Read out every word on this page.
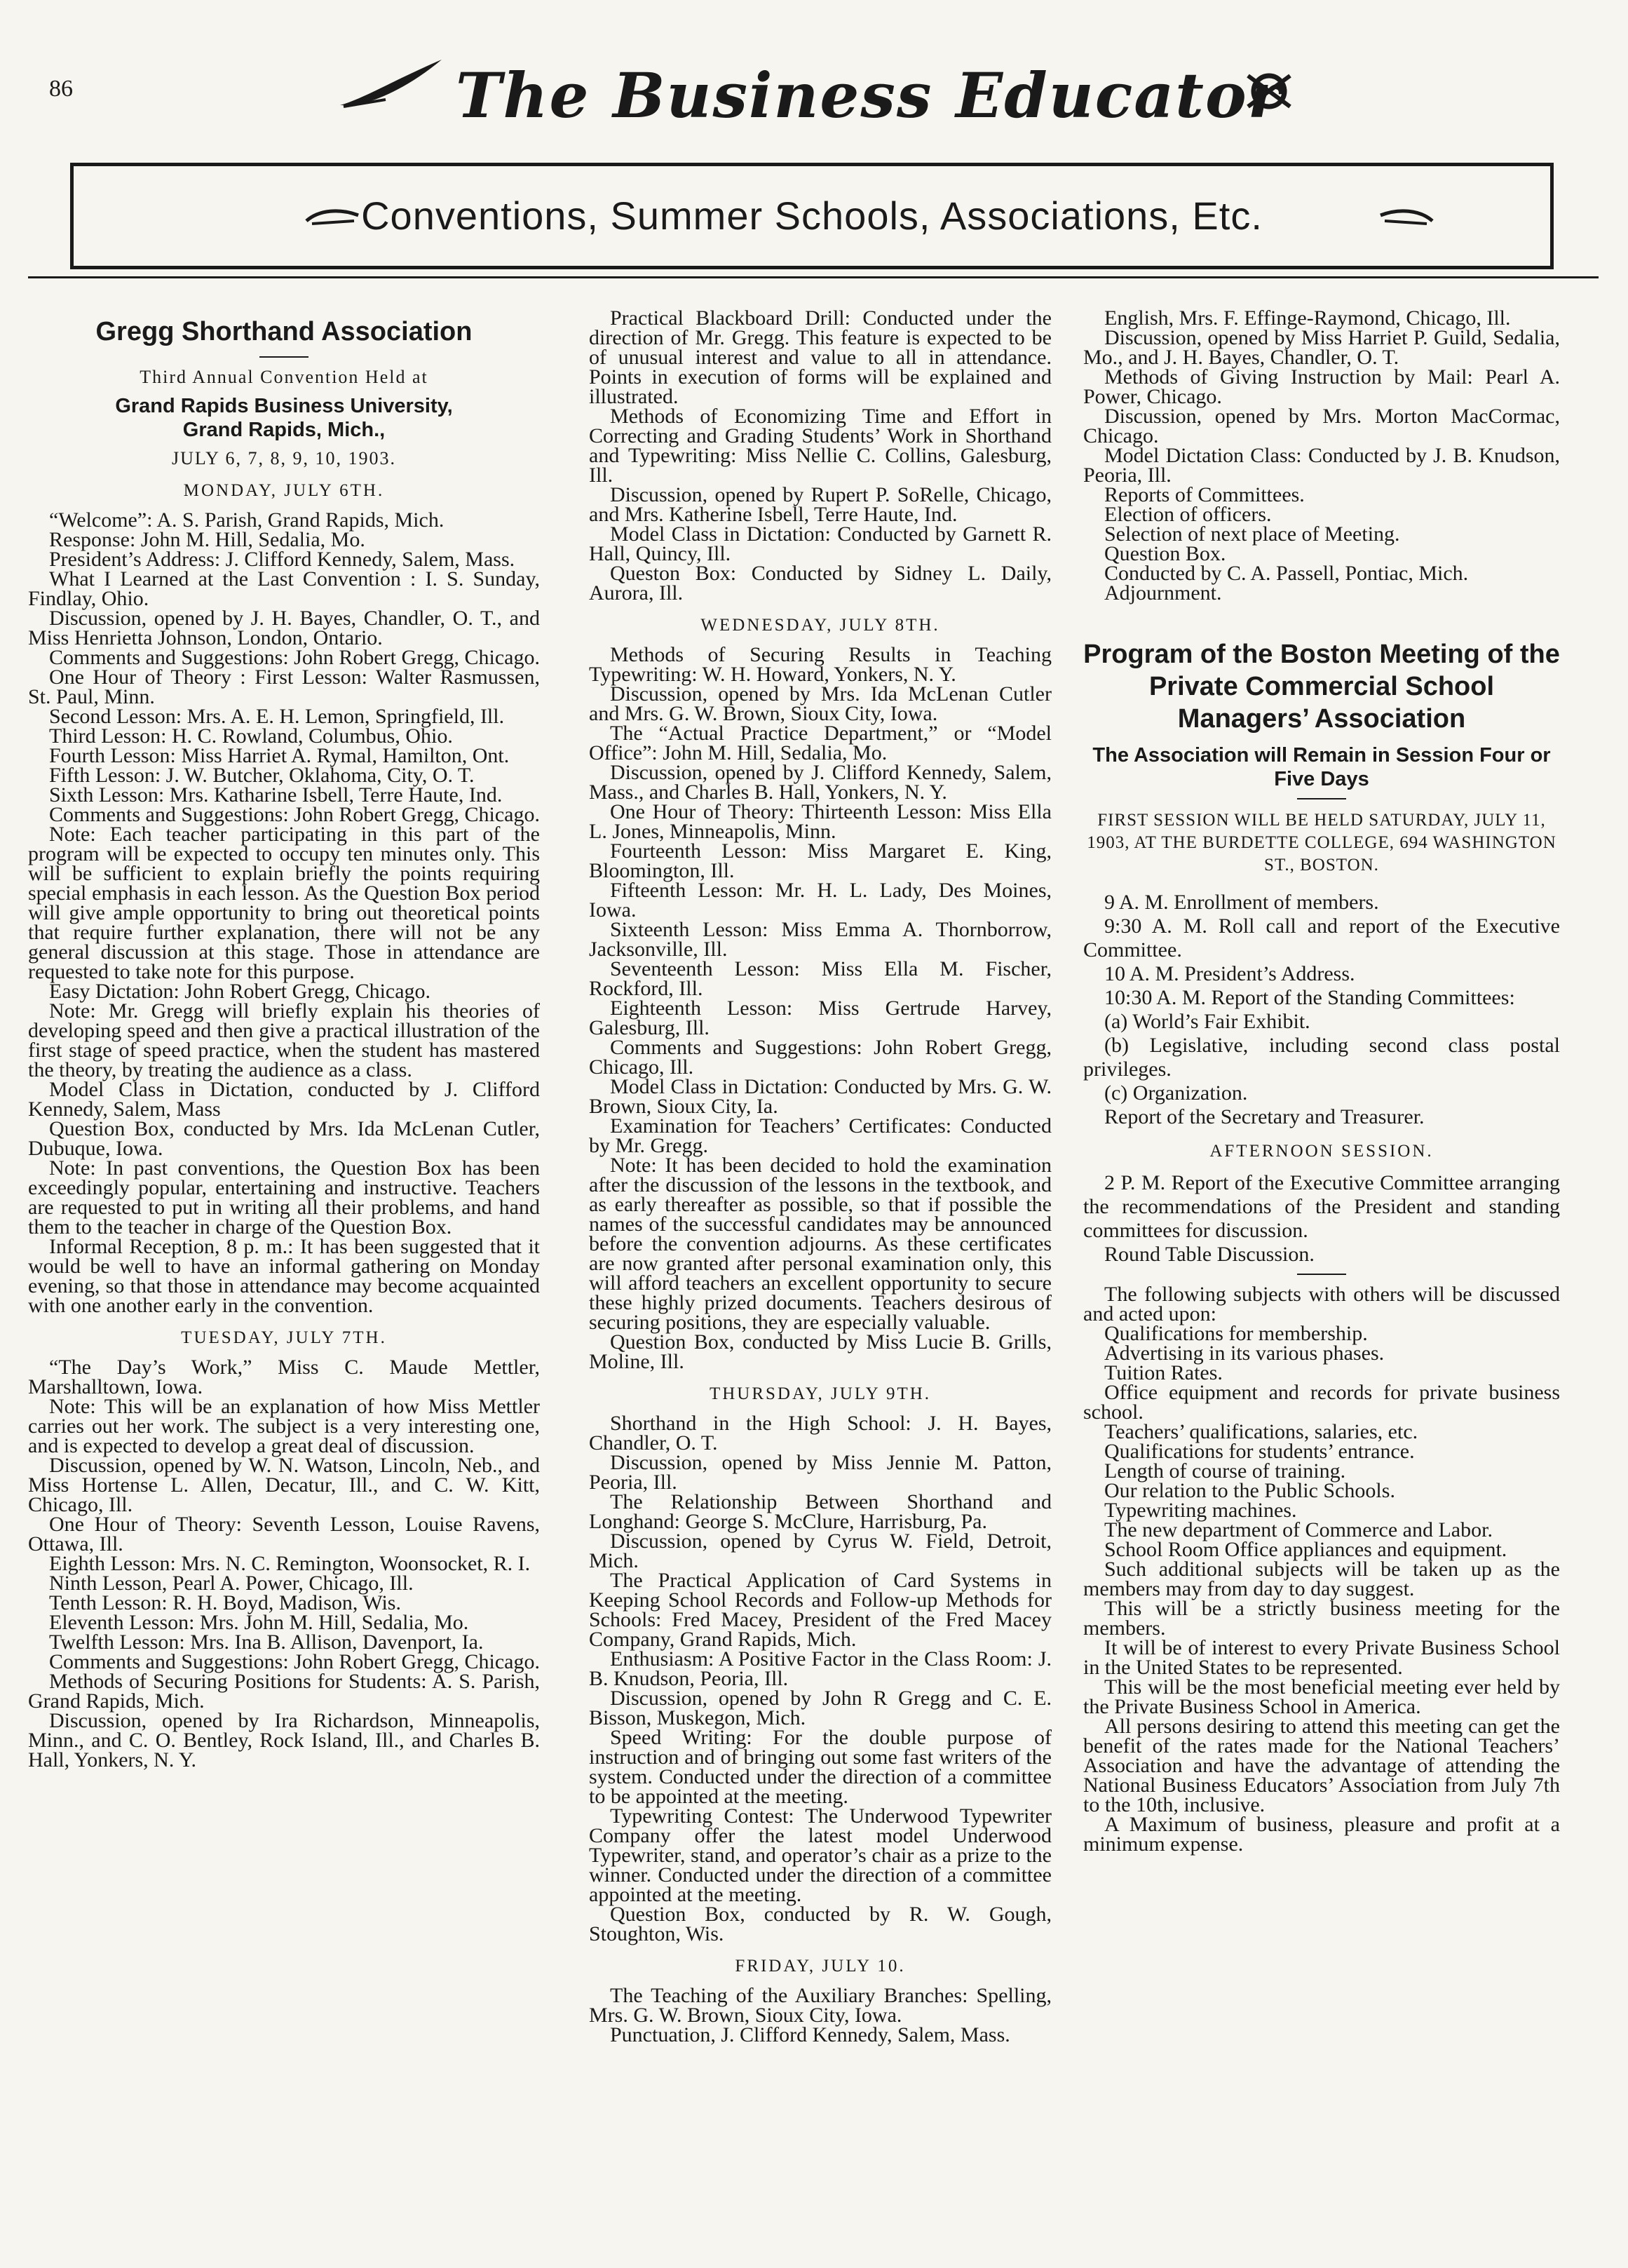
86	The Business Educator
Conventions, Summer Schools, Associations, Etc.
Gregg Shorthand Association

Third Annual Convention Held at

Grand Rapids Business University,

Grand Rapids, Mich.,

JULY 6, 7, 8, 9, 10, 1903.

MONDAY, JULY 6TH.

“Welcome”: A. S. Parish, Grand Rapids, Mich.

Response: John M. Hill, Sedalia, Mo.

President’s Address: J. Clifford Kennedy, Salem, Mass.

What I Learned at the Last Convention : I. S. Sunday, Findlay, Ohio.

Discussion, opened by J. H. Bayes, Chandler, O. T., and Miss Henrietta Johnson, London, Ontario.

Comments and Suggestions: John Robert Gregg, Chicago.

One Hour of Theory : First Lesson: Walter Rasmussen, St. Paul, Minn.

Second Lesson: Mrs. A. E. H. Lemon, Springfield, Ill.

Third Lesson: H. C. Rowland, Columbus, Ohio.

Fourth Lesson: Miss Harriet A. Rymal, Hamilton, Ont.

Fifth Lesson: J. W. Butcher, Oklahoma, City, O. T.

Sixth Lesson: Mrs. Katharine Isbell, Terre Haute, Ind.

Comments and Suggestions: John Robert Gregg, Chicago.

Note: Each teacher participating in this part of the program will be expected to occupy ten minutes only. This will be sufficient to explain briefly the points requiring special emphasis in each lesson. As the Question Box period will give ample opportunity to bring out theoretical points that require further explanation, there will not be any general discussion at this stage. Those in attendance are requested to take note for this purpose.

Easy Dictation: John Robert Gregg, Chicago.

Note: Mr. Gregg will briefly explain his theories of developing speed and then give a practical illustration of the first stage of speed practice, when the student has mastered the theory, by treating the audience as a class.

Model Class in Dictation, conducted by J. Clifford Kennedy, Salem, Mass

Question Box, conducted by Mrs. Ida McLenan Cutler, Dubuque, Iowa.

Note: In past conventions, the Question Box has been exceedingly popular, entertaining and instructive. Teachers are requested to put in writing all their problems, and hand them to the teacher in charge of the Question Box.

Informal Reception, 8 p. m.: It has been suggested that it would be well to have an informal gathering on Monday evening, so that those in attendance may become acquainted with one another early in the convention.

TUESDAY, JULY 7TH.

“The Day’s Work,” Miss C. Maude Mettler, Marshalltown, Iowa.

Note: This will be an explanation of how Miss Mettler carries out her work. The subject is a very interesting one, and is expected to develop a great deal of discussion.

Discussion, opened by W. N. Watson, Lincoln, Neb., and Miss Hortense L. Allen, Decatur, Ill., and C. W. Kitt, Chicago, Ill.

One Hour of Theory: Seventh Lesson, Louise Ravens, Ottawa, Ill.

Eighth Lesson: Mrs. N. C. Remington, Woonsocket, R. I.

Ninth Lesson, Pearl A. Power, Chicago, Ill.

Tenth Lesson: R. H. Boyd, Madison, Wis.

Eleventh Lesson: Mrs. John M. Hill, Sedalia, Mo.

Twelfth Lesson: Mrs. Ina B. Allison, Davenport, Ia.

Comments and Suggestions: John Robert Gregg, Chicago.

Methods of Securing Positions for Students: A. S. Parish, Grand Rapids, Mich.

Discussion, opened by Ira Richardson, Minneapolis, Minn., and C. O. Bentley, Rock Island, Ill., and Charles B. Hall, Yonkers, N. Y.

Practical Blackboard Drill: Conducted under the direction of Mr. Gregg. This feature is expected to be of unusual interest and value to all in attendance. Points in execution of forms will be explained and illustrated.

Methods of Economizing Time and Effort in Correcting and Grading Students’ Work in Shorthand and Typewriting: Miss Nellie C. Collins, Galesburg, Ill.

Discussion, opened by Rupert P. SoRelle, Chicago, and Mrs. Katherine Isbell, Terre Haute, Ind.

Model Class in Dictation: Conducted by Garnett R. Hall, Quincy, Ill.

Queston Box: Conducted by Sidney L. Daily, Aurora, Ill.

WEDNESDAY, JULY 8TH.

Methods of Securing Results in Teaching Typewriting: W. H. Howard, Yonkers, N. Y.

Discussion, opened by Mrs. Ida McLenan Cutler and Mrs. G. W. Brown, Sioux City, Iowa.

The “Actual Practice Department,” or “Model Office”: John M. Hill, Sedalia, Mo.

Discussion, opened by J. Clifford Kennedy, Salem, Mass., and Charles B. Hall, Yonkers, N. Y.

One Hour of Theory: Thirteenth Lesson: Miss Ella L. Jones, Minneapolis, Minn.

Fourteenth Lesson: Miss Margaret E. King, Bloomington, Ill.

Fifteenth Lesson: Mr. H. L. Lady, Des Moines, Iowa.

Sixteenth Lesson: Miss Emma A. Thornborrow, Jacksonville, Ill.

Seventeenth Lesson: Miss Ella M. Fischer, Rockford, Ill.

Eighteenth Lesson: Miss Gertrude Harvey, Galesburg, Ill.

Comments and Suggestions: John Robert Gregg, Chicago, Ill.

Model Class in Dictation: Conducted by Mrs. G. W. Brown, Sioux City, Ia.

Examination for Teachers’ Certificates: Conducted by Mr. Gregg.

Note: It has been decided to hold the examination after the discussion of the lessons in the textbook, and as early thereafter as possible, so that if possible the names of the successful candidates may be announced before the convention adjourns. As these certificates are now granted after personal examination only, this will afford teachers an excellent opportunity to secure these highly prized documents. Teachers desirous of securing positions, they are especially valuable.

Question Box, conducted by Miss Lucie B. Grills, Moline, Ill.

THURSDAY, JULY 9TH.

Shorthand in the High School: J. H. Bayes, Chandler, O. T.

Discussion, opened by Miss Jennie M. Patton, Peoria, Ill.

The Relationship Between Shorthand and Longhand: George S. McClure, Harrisburg, Pa.

Discussion, opened by Cyrus W. Field, Detroit, Mich.

The Practical Application of Card Systems in Keeping School Records and Follow-up Methods for Schools: Fred Macey, President of the Fred Macey Company, Grand Rapids, Mich.

Enthusiasm: A Positive Factor in the Class Room: J. B. Knudson, Peoria, Ill.

Discussion, opened by John R Gregg and C. E. Bisson, Muskegon, Mich.

Speed Writing: For the double purpose of instruction and of bringing out some fast writers of the system. Conducted under the direction of a committee to be appointed at the meeting.

Typewriting Contest: The Underwood Typewriter Company offer the latest model Underwood Typewriter, stand, and operator’s chair as a prize to the winner. Conducted under the direction of a committee appointed at the meeting.

Question Box, conducted by R. W. Gough, Stoughton, Wis.

FRIDAY, JULY 10.

The Teaching of the Auxiliary Branches: Spelling, Mrs. G. W. Brown, Sioux City, Iowa.

Punctuation, J. Clifford Kennedy, Salem, Mass.

English, Mrs. F. Effinge-Raymond, Chicago, Ill.

Discussion, opened by Miss Harriet P. Guild, Sedalia, Mo., and J. H. Bayes, Chandler, O. T.

Methods of Giving Instruction by Mail: Pearl A. Power, Chicago.

Discussion, opened by Mrs. Morton MacCormac, Chicago.

Model Dictation Class: Conducted by J. B. Knudson, Peoria, Ill.

Reports of Committees.

Election of officers.

Selection of next place of Meeting.

Question Box.

Conducted by C. A. Passell, Pontiac, Mich.

Adjournment.

Program of the Boston Meeting of the Private Commercial School Managers’ Association
The Association will Remain in Session Four or Five Days

FIRST SESSION WILL BE HELD SATURDAY, JULY 11, 1903, AT THE BURDETTE COLLEGE, 694 WASHINGTON ST., BOSTON.

9 A. M. Enrollment of members.

9:30 A. M. Roll call and report of the Executive Committee.

10 A. M. President’s Address.

10:30 A. M. Report of the Standing Committees:

(a) World’s Fair Exhibit.

(b) Legislative, including second class postal privileges.

(c) Organization.

Report of the Secretary and Treasurer.

AFTERNOON SESSION.

2 P. M. Report of the Executive Committee arranging the recommendations of the President and standing committees for discussion.

Round Table Discussion.

The following subjects with others will be discussed and acted upon:

Qualifications for membership.

Advertising in its various phases.

Tuition Rates.

Office equipment and records for private business school.

Teachers’ qualifications, salaries, etc.

Qualifications for students’ entrance.

Length of course of training.

Our relation to the Public Schools.

Typewriting machines.

The new department of Commerce and Labor.

School Room Office appliances and equipment.

Such additional subjects will be taken up as the members may from day to day suggest.

This will be a strictly business meeting for the members.

It will be of interest to every Private Business School in the United States to be represented.

This will be the most beneficial meeting ever held by the Private Business School in America.

All persons desiring to attend this meeting can get the benefit of the rates made for the National Teachers’ Association and have the advantage of attending the National Business Educators’ Association from July 7th to the 10th, inclusive.

A Maximum of business, pleasure and profit at a minimum expense.
